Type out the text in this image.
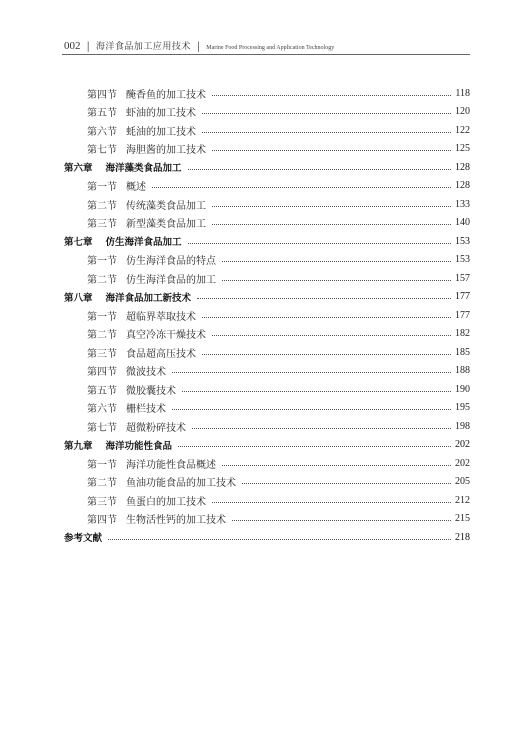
002 | 海洋食品加工应用技术 | Marine Food Processing and Application Technology
第四节 醃香鱼的加工技术	118
第五节 虾油的加工技术	120
第六节 蚝油的加工技术	122
第七节 海胆酱的加工技术	125
第六章 海洋藻类食品加工	128
第一节 概述	128
第二节 传统藻类食品加工	133
第三节 新型藻类食品加工	140
第七章 仿生海洋食品加工	153
第一节 仿生海洋食品的特点	153
第二节 仿生海洋食品的加工	157
第八章 海洋食品加工新技术	177
第一节 超临界萃取技术	177
第二节 真空冷冻干燥技术	182
第三节 食品超高压技术	185
第四节 微波技术	188
第五节 微胶囊技术	190
第六节 栅栏技术	195
第七节 超微粉碎技术	198
第九章 海洋功能性食品	202
第一节 海洋功能性食品概述	202
第二节 鱼油功能食品的加工技术	205
第三节 鱼蛋白的加工技术	212
第四节 生物活性钙的加工技术	215
参考文献	218
